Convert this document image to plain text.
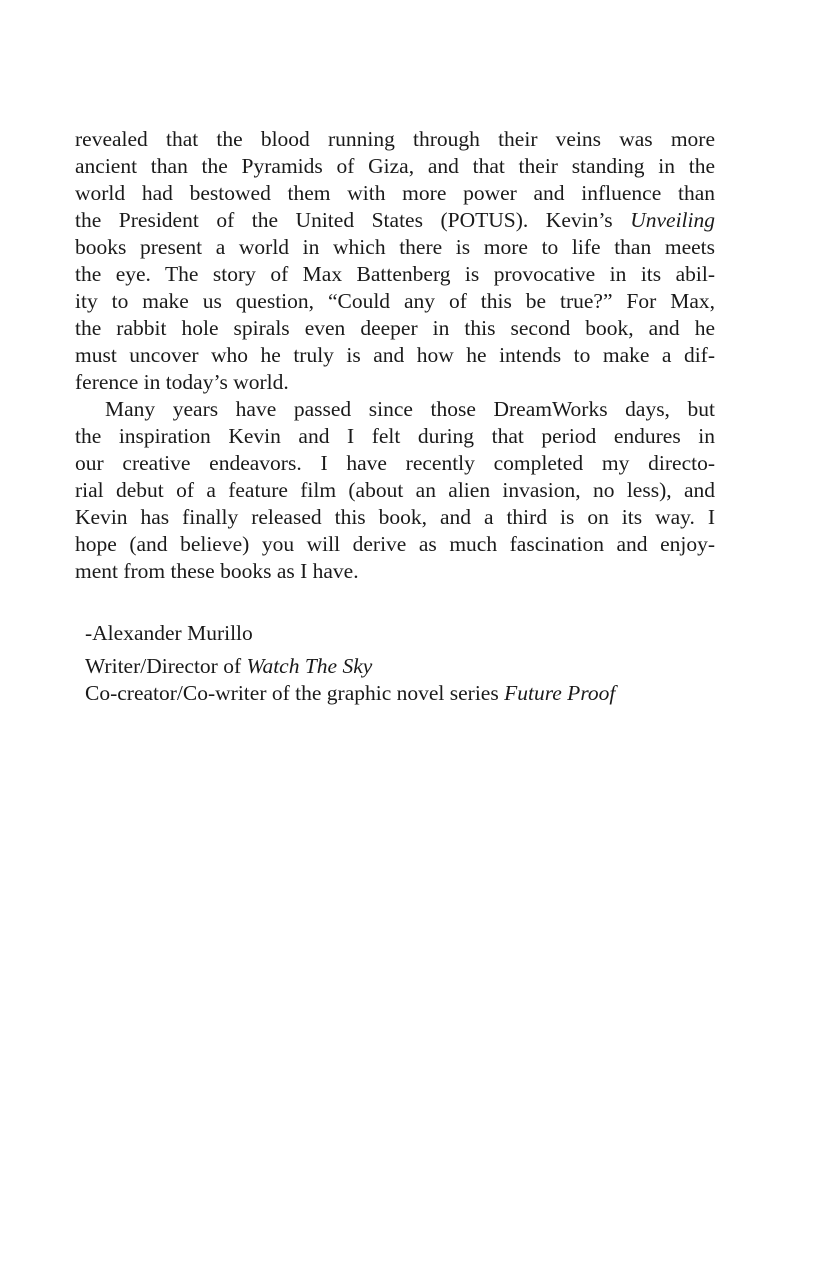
revealed that the blood running through their veins was more
ancient than the Pyramids of Giza, and that their standing in the
world had bestowed them with more power and influence than
the President of the United States (POTUS). Kevin’s Unveiling
books present a world in which there is more to life than meets
the eye. The story of Max Battenberg is provocative in its abil-
ity to make us question, “Could any of this be true?” For Max,
the rabbit hole spirals even deeper in this second book, and he
must uncover who he truly is and how he intends to make a dif-
ference in today’s world.

Many years have passed since those DreamWorks days, but
the inspiration Kevin and I felt during that period endures in
our creative endeavors. I have recently completed my directo-
rial debut of a feature film (about an alien invasion, no less), and
Kevin has finally released this book, and a third is on its way. I
hope (and believe) you will derive as much fascination and enjoy-
ment from these books as I have.

-Alexander Murillo

Writer/Director of Watch The Sky

Co-creator/Co-writer of the graphic novel series Future Proof
